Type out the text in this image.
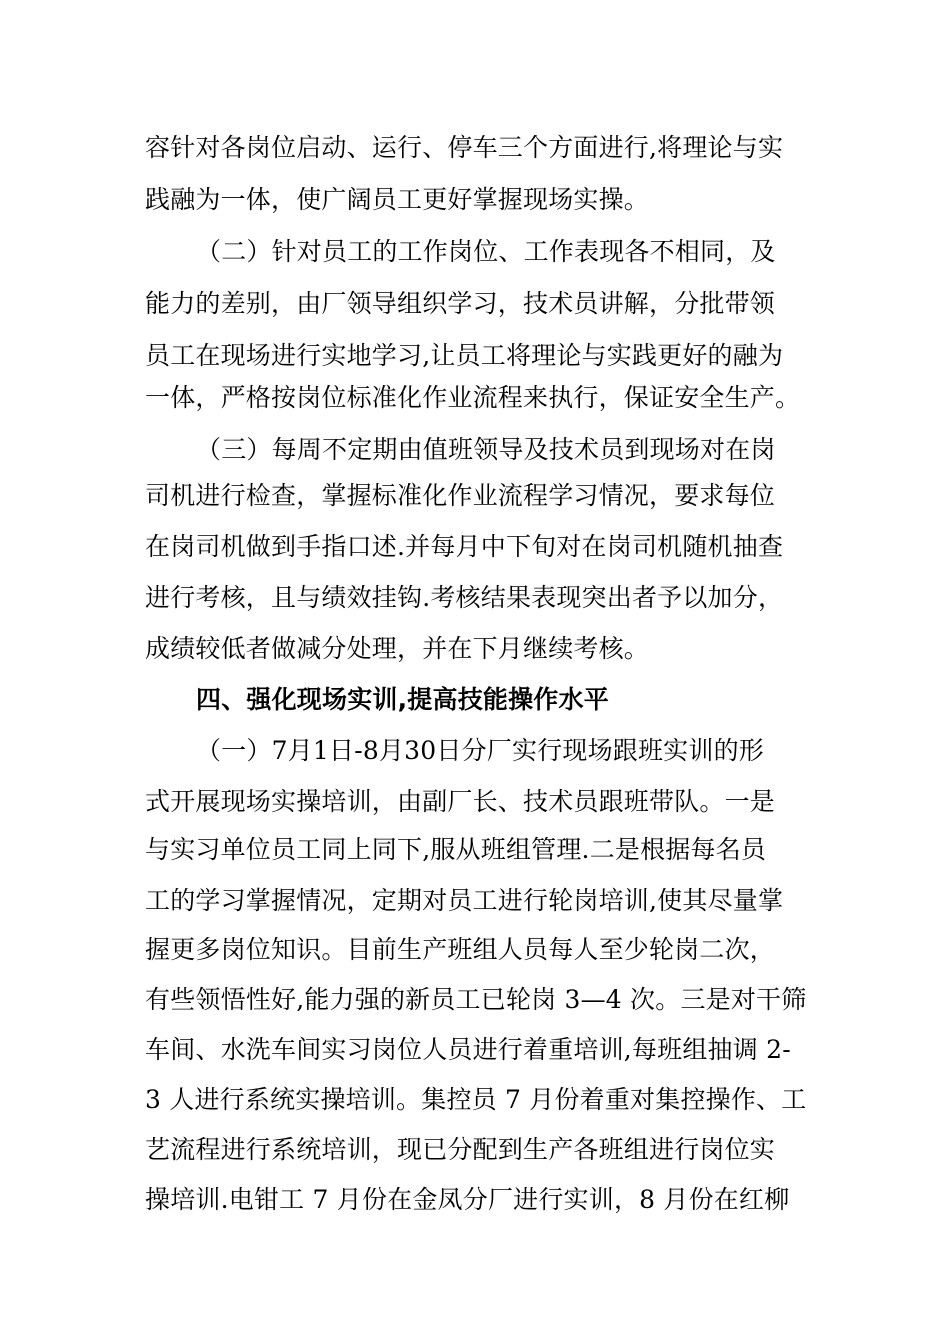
容针对各岗位启动、运行、停车三个方面进行,将理论与实
践融为一体，使广阔员工更好掌握现场实操。
（二）针对员工的工作岗位、工作表现各不相同，及
能力的差别，由厂领导组织学习，技术员讲解，分批带领
员工在现场进行实地学习,让员工将理论与实践更好的融为
一体，严格按岗位标准化作业流程来执行，保证安全生产。
（三）每周不定期由值班领导及技术员到现场对在岗
司机进行检查，掌握标准化作业流程学习情况，要求每位
在岗司机做到手指口述.并每月中下旬对在岗司机随机抽查
进行考核，且与绩效挂钩.考核结果表现突出者予以加分，
成绩较低者做减分处理，并在下月继续考核。
四、强化现场实训,提高技能操作水平
（一）7月1日-8月30日分厂实行现场跟班实训的形
式开展现场实操培训，由副厂长、技术员跟班带队。一是
与实习单位员工同上同下,服从班组管理.二是根据每名员
工的学习掌握情况，定期对员工进行轮岗培训,使其尽量掌
握更多岗位知识。目前生产班组人员每人至少轮岗二次，
有些领悟性好,能力强的新员工已轮岗 3—4 次。三是对干筛
车间、水洗车间实习岗位人员进行着重培训,每班组抽调 2-
3 人进行系统实操培训。集控员 7 月份着重对集控操作、工
艺流程进行系统培训，现已分配到生产各班组进行岗位实
操培训.电钳工 7 月份在金凤分厂进行实训，8 月份在红柳
